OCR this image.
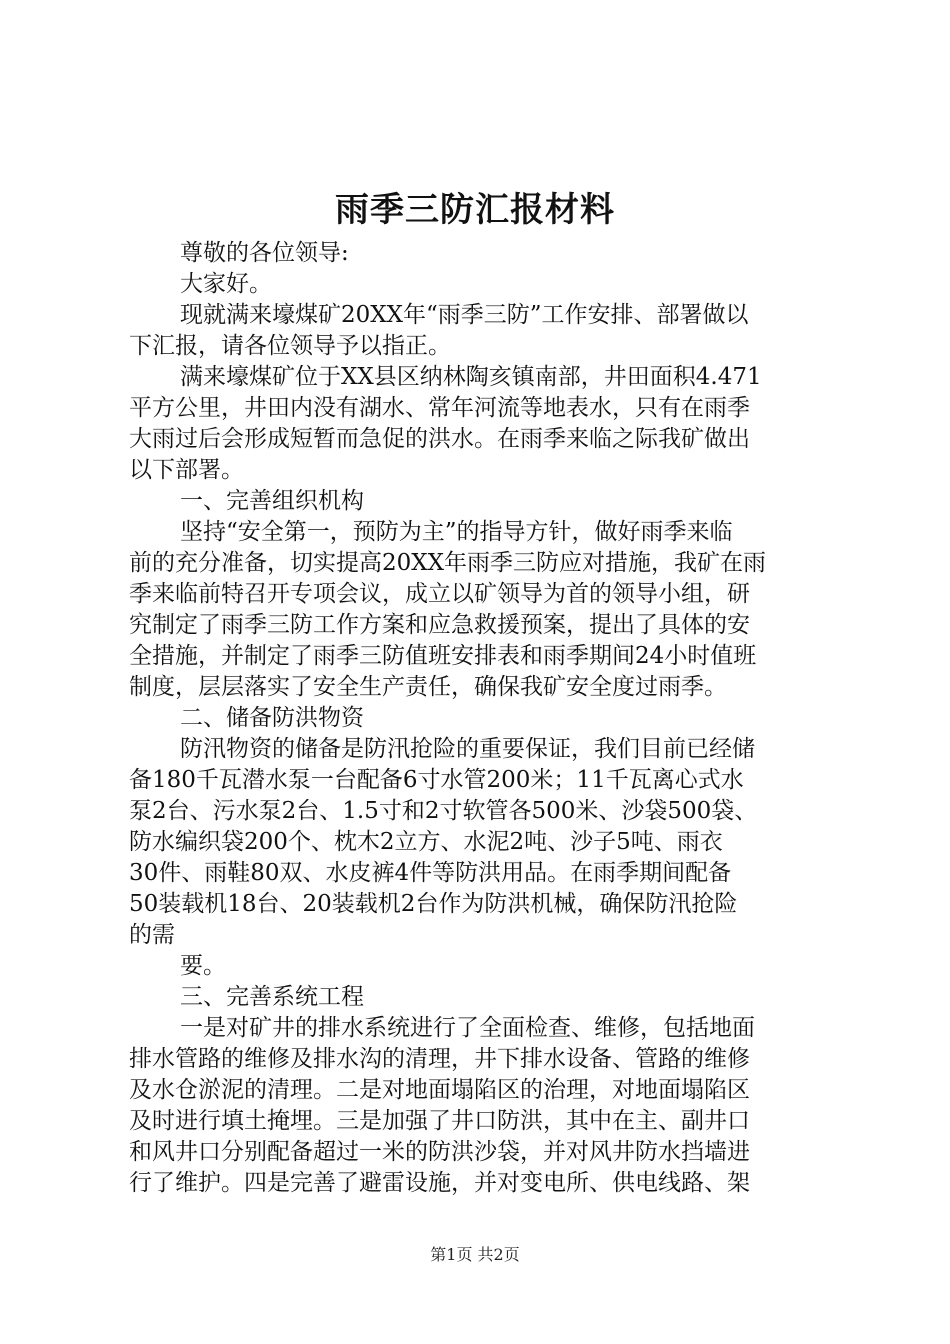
雨季三防汇报材料
尊敬的各位领导:
大家好。
现就满来壕煤矿20XX年“雨季三防”工作安排、部署做以
下汇报，请各位领导予以指正。
满来壕煤矿位于XX县区纳林陶亥镇南部，井田面积4.471
平方公里，井田内没有湖水、常年河流等地表水，只有在雨季
大雨过后会形成短暂而急促的洪水。在雨季来临之际我矿做出
以下部署。
一、完善组织机构
坚持“安全第一，预防为主”的指导方针，做好雨季来临
前的充分准备，切实提高20XX年雨季三防应对措施，我矿在雨
季来临前特召开专项会议，成立以矿领导为首的领导小组，研
究制定了雨季三防工作方案和应急救援预案，提出了具体的安
全措施，并制定了雨季三防值班安排表和雨季期间24小时值班
制度，层层落实了安全生产责任，确保我矿安全度过雨季。
二、储备防洪物资
防汛物资的储备是防汛抢险的重要保证，我们目前已经储
备180千瓦潜水泵一台配备6寸水管200米；11千瓦离心式水
泵2台、污水泵2台、1.5寸和2寸软管各500米、沙袋500袋、
防水编织袋200个、枕木2立方、水泥2吨、沙子5吨、雨衣
30件、雨鞋80双、水皮裤4件等防洪用品。在雨季期间配备
50装载机18台、20装载机2台作为防洪机械，确保防汛抢险
的需
要。
三、完善系统工程
一是对矿井的排水系统进行了全面检查、维修，包括地面
排水管路的维修及排水沟的清理，井下排水设备、管路的维修
及水仓淤泥的清理。二是对地面塌陷区的治理，对地面塌陷区
及时进行填土掩埋。三是加强了井口防洪，其中在主、副井口
和风井口分别配备超过一米的防洪沙袋，并对风井防水挡墙进
行了维护。四是完善了避雷设施，并对变电所、供电线路、架
第1页 共2页
